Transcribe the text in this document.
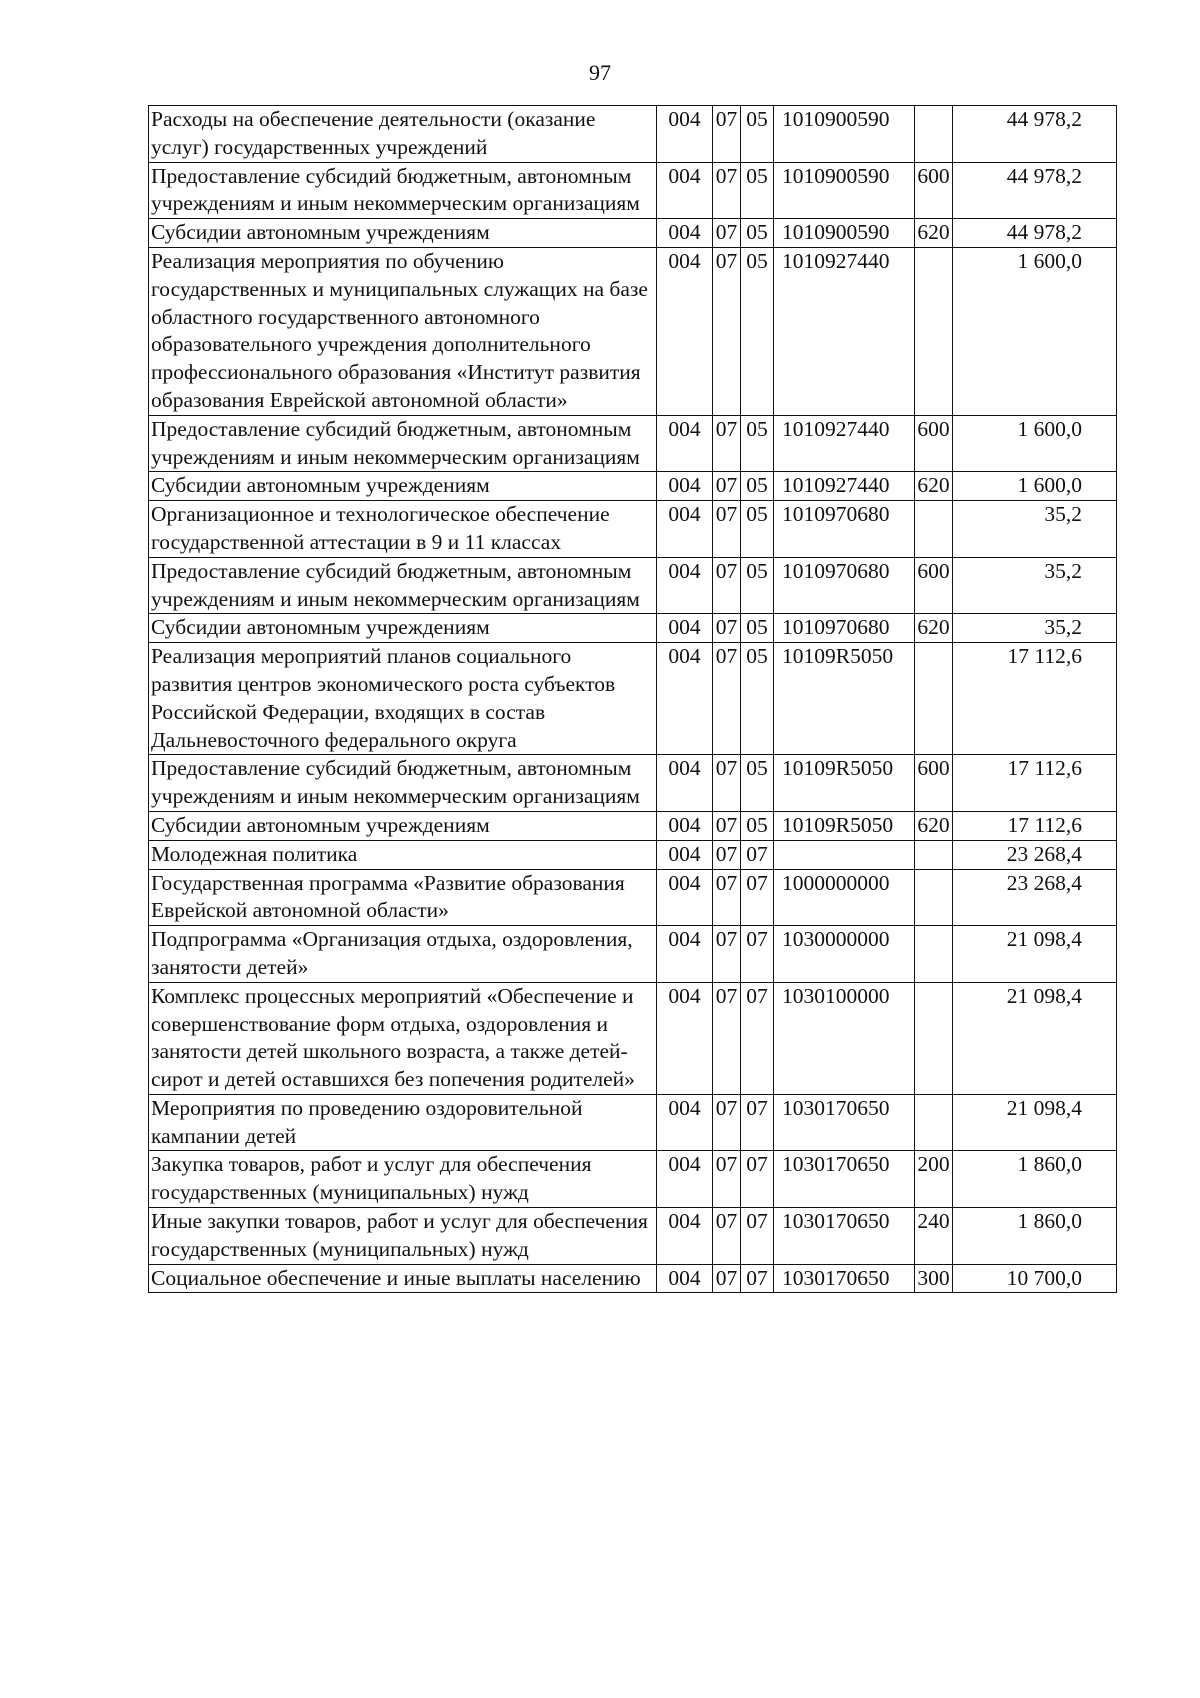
97
Расходы на обеспечение деятельности (оказание услуг) государственных учреждений	004	07	05	1010900590		44 978,2
Предоставление субсидий бюджетным, автономным учреждениям и иным некоммерческим организациям	004	07	05	1010900590	600	44 978,2
Субсидии автономным учреждениям	004	07	05	1010900590	620	44 978,2
Реализация мероприятия по обучению государственных и муниципальных служащих на базе областного государственного автономного образовательного учреждения дополнительного профессионального образования «Институт развития образования Еврейской автономной области»	004	07	05	1010927440		1 600,0
Предоставление субсидий бюджетным, автономным учреждениям и иным некоммерческим организациям	004	07	05	1010927440	600	1 600,0
Субсидии автономным учреждениям	004	07	05	1010927440	620	1 600,0
Организационное и технологическое обеспечение государственной аттестации в 9 и 11 классах	004	07	05	1010970680		35,2
Предоставление субсидий бюджетным, автономным учреждениям и иным некоммерческим организациям	004	07	05	1010970680	600	35,2
Субсидии автономным учреждениям	004	07	05	1010970680	620	35,2
Реализация мероприятий планов социального развития центров экономического роста субъектов Российской Федерации, входящих в состав Дальневосточного федерального округа	004	07	05	10109R5050		17 112,6
Предоставление субсидий бюджетным, автономным учреждениям и иным некоммерческим организациям	004	07	05	10109R5050	600	17 112,6
Субсидии автономным учреждениям	004	07	05	10109R5050	620	17 112,6
Молодежная политика	004	07	07			23 268,4
Государственная программа «Развитие образования Еврейской автономной области»	004	07	07	1000000000		23 268,4
Подпрограмма «Организация отдыха, оздоровления, занятости детей»	004	07	07	1030000000		21 098,4
Комплекс процессных мероприятий «Обеспечение и совершенствование форм отдыха, оздоровления и занятости детей школьного возраста, а также детей-сирот и детей оставшихся без попечения родителей»	004	07	07	1030100000		21 098,4
Мероприятия по проведению оздоровительной кампании детей	004	07	07	1030170650		21 098,4
Закупка товаров, работ и услуг для обеспечения государственных (муниципальных) нужд	004	07	07	1030170650	200	1 860,0
Иные закупки товаров, работ и услуг для обеспечения государственных (муниципальных) нужд	004	07	07	1030170650	240	1 860,0
Социальное обеспечение и иные выплаты населению	004	07	07	1030170650	300	10 700,0
